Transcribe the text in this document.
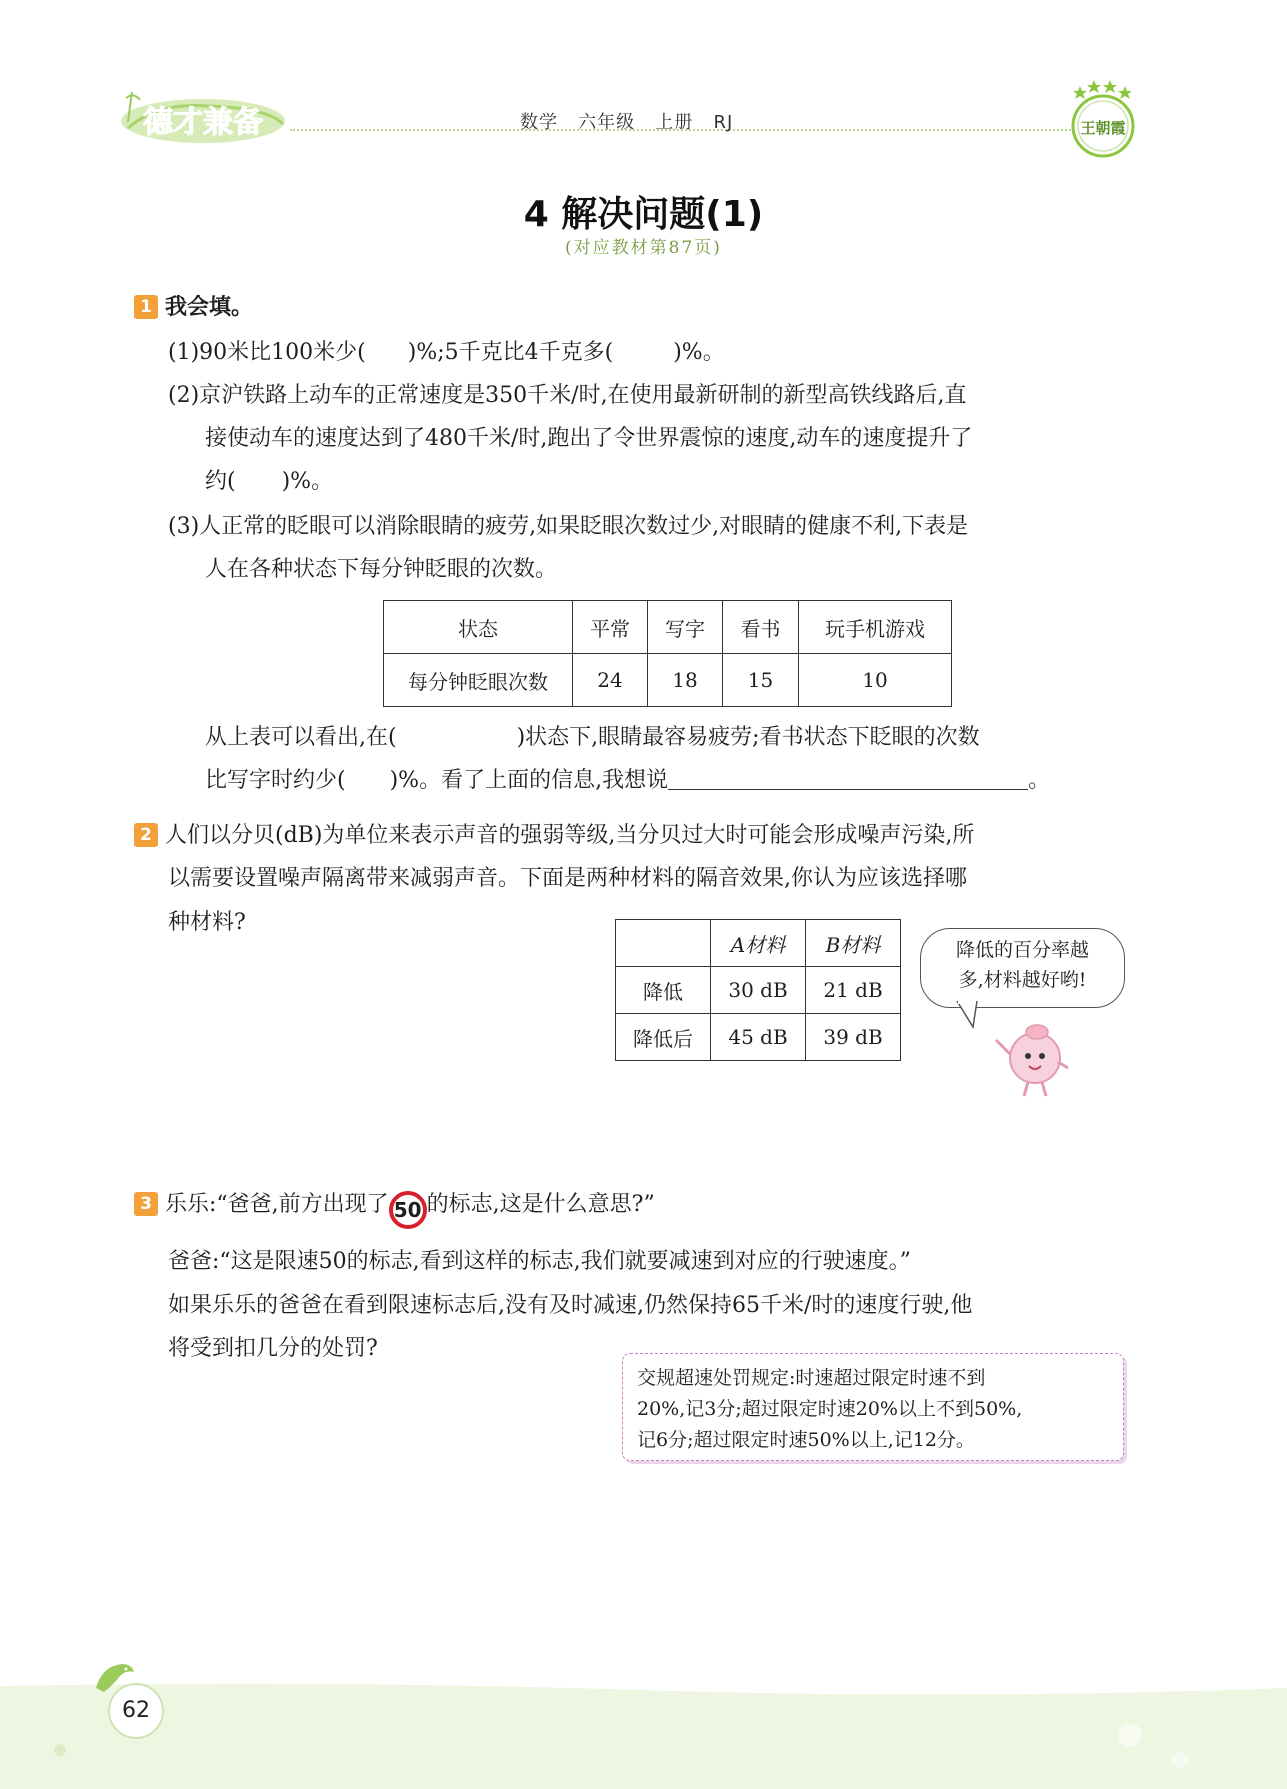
德才兼备	数学   六年级   上册   RJ	王朝霞
4 解决问题(1)
(对应教材第87页)
1 我会填。
(1)90米比100米少( )%;5千克比4千克多(	)%。
(2)京沪铁路上动车的正常速度是350千米/时,在使用最新研制的新型高铁线路后,直
接使动车的速度达到了480千米/时,跑出了令世界震惊的速度,动车的速度提升了
约( )%。
(3)人正常的眨眼可以消除眼睛的疲劳,如果眨眼次数过少,对眼睛的健康不利,下表是
人在各种状态下每分钟眨眼的次数。
状态	平常	写字	看书	玩手机游戏
每分钟眨眼次数	24	18	15	10
从上表可以看出,在(	)状态下,眼睛最容易疲劳;看书状态下眨眼的次数
比写字时约少( )%。看了上面的信息,我想说	。
2 人们以分贝(dB)为单位来表示声音的强弱等级,当分贝过大时可能会形成噪声污染,所
以需要设置噪声隔离带来减弱声音。下面是两种材料的隔音效果,你认为应该选择哪
种材料?
	A材料	B材料
降低	30 dB	21 dB
降低后	45 dB	39 dB
降低的百分率越
多,材料越好哟!
3 乐乐:“爸爸,前方出现了 50 的标志,这是什么意思?”
爸爸:“这是限速50的标志,看到这样的标志,我们就要减速到对应的行驶速度。”
如果乐乐的爸爸在看到限速标志后,没有及时减速,仍然保持65千米/时的速度行驶,他
将受到扣几分的处罚?
交规超速处罚规定:时速超过限定时速不到
20%,记3分;超过限定时速20%以上不到50%,
记6分;超过限定时速50%以上,记12分。
62
